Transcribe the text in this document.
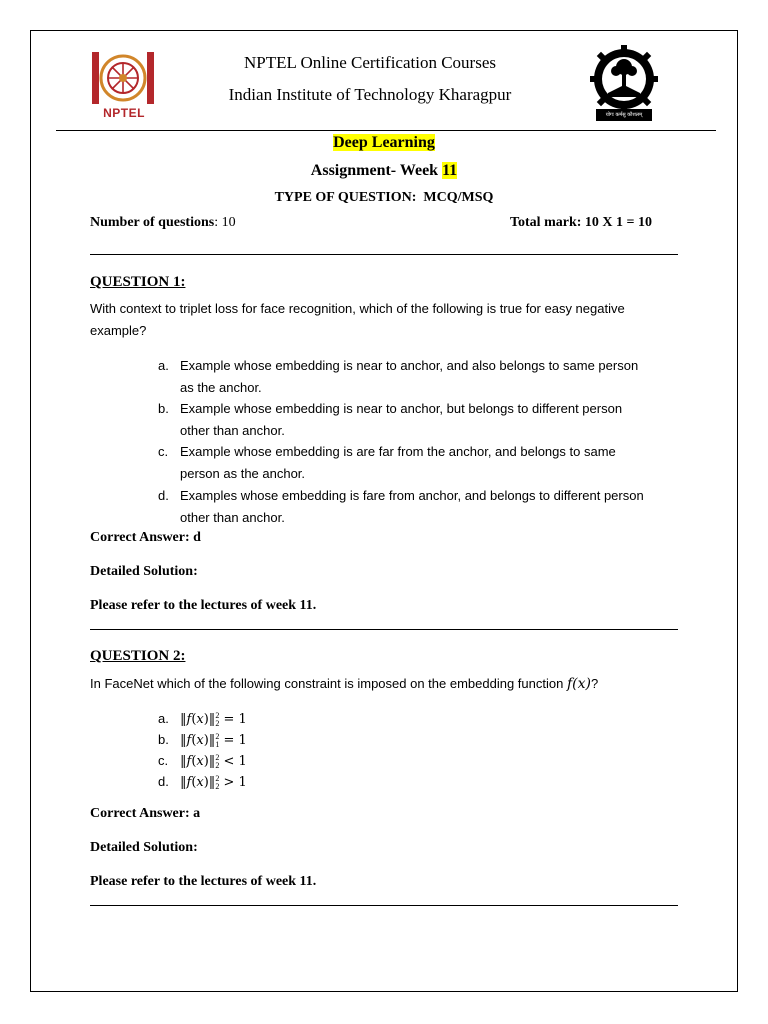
NPTEL
NPTEL Online Certification Courses
Indian Institute of Technology Kharagpur
योगः कर्मसु कौशलम्
Deep Learning
Assignment- Week 11
TYPE OF QUESTION:  MCQ/MSQ
Number of questions: 10	Total mark: 10 X 1 = 10
QUESTION 1:
With context to triplet loss for face recognition, which of the following is true for easy negative
example?
a. Example whose embedding is near to anchor, and also belongs to same person
as the anchor.
b. Example whose embedding is near to anchor, but belongs to different person
other than anchor.
c. Example whose embedding is are far from the anchor, and belongs to same
person as the anchor.
d. Examples whose embedding is fare from anchor, and belongs to different person
other than anchor.
Correct Answer: d
Detailed Solution:
Please refer to the lectures of week 11.
QUESTION 2:
In FaceNet which of the following constraint is imposed on the embedding function f(x)?
a. ‖f(x)‖ 2
2 = 1
b. ‖f(x)‖ 2
1 = 1
c. ‖f(x)‖ 2
2 < 1
d. ‖f(x)‖ 2
2 > 1
Correct Answer: a
Detailed Solution:
Please refer to the lectures of week 11.
